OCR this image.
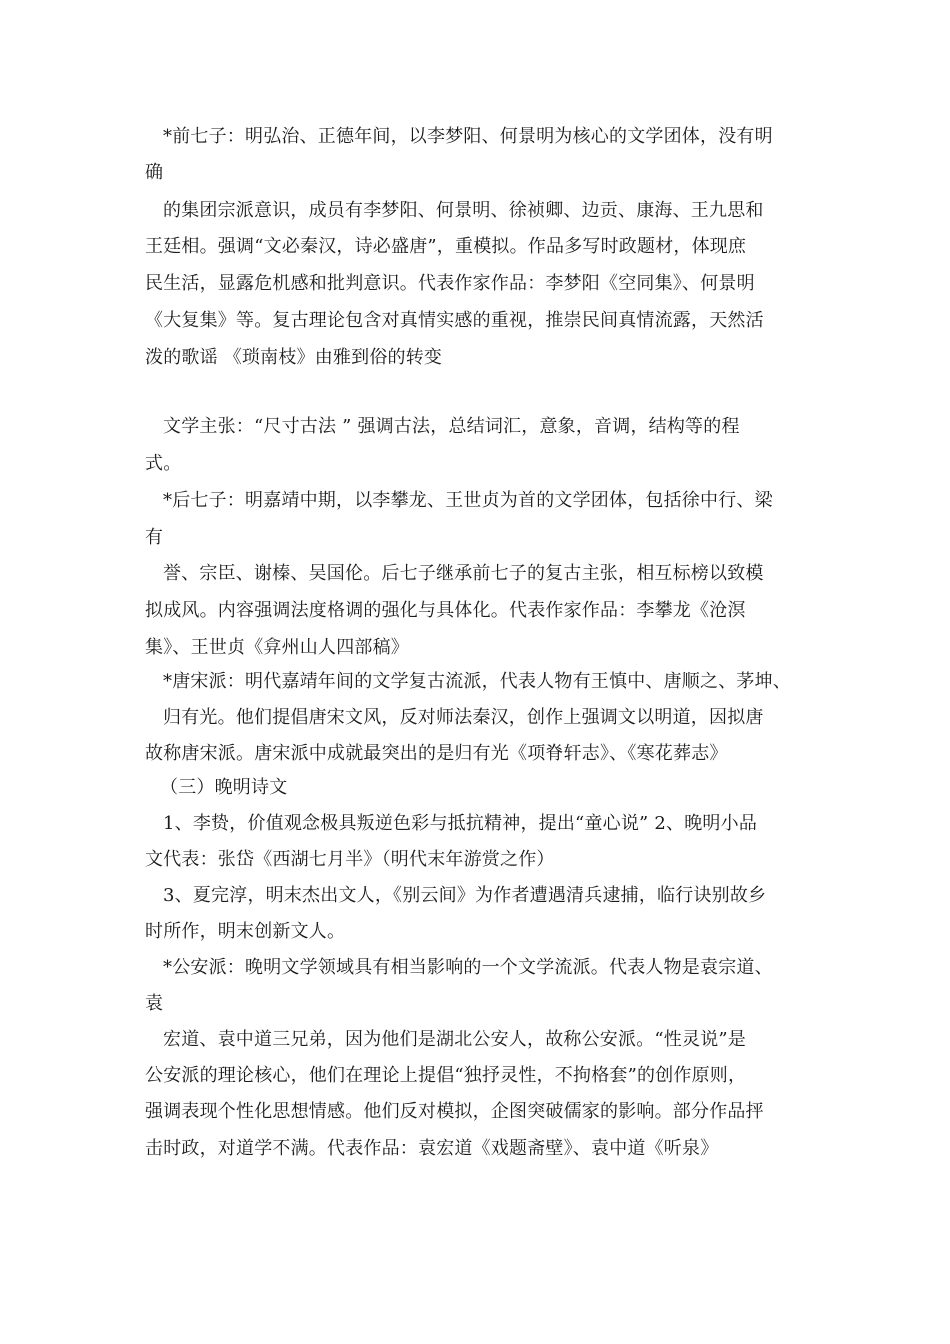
*前七子：明弘治、正德年间，以李梦阳、何景明为核心的文学团体，没有明
确
的集团宗派意识，成员有李梦阳、何景明、徐祯卿、边贡、康海、王九思和
王廷相。强调“文必秦汉，诗必盛唐”，重模拟。作品多写时政题材，体现庶
民生活，显露危机感和批判意识。代表作家作品：李梦阳《空同集》、何景明
《大复集》等。复古理论包含对真情实感的重视，推崇民间真情流露，天然活
泼的歌谣 《琐南枝》由雅到俗的转变
文学主张：“尺寸古法 ” 强调古法，总结词汇，意象，音调，结构等的程
式。
*后七子：明嘉靖中期，以李攀龙、王世贞为首的文学团体，包括徐中行、梁
有
誉、宗臣、谢榛、吴国伦。后七子继承前七子的复古主张，相互标榜以致模
拟成风。内容强调法度格调的强化与具体化。代表作家作品：李攀龙《沧溟
集》、王世贞《弇州山人四部稿》
*唐宋派：明代嘉靖年间的文学复古流派，代表人物有王慎中、唐顺之、茅坤、
归有光。他们提倡唐宋文风，反对师法秦汉，创作上强调文以明道，因拟唐
故称唐宋派。唐宋派中成就最突出的是归有光《项脊轩志》、《寒花葬志》
（三）晚明诗文
1、李贽，价值观念极具叛逆色彩与抵抗精神，提出“童心说” 2、晚明小品
文代表：张岱《西湖七月半》（明代末年游赏之作）
3、夏完淳，明末杰出文人，《别云间》为作者遭遇清兵逮捕，临行诀别故乡
时所作，明末创新文人。
*公安派：晚明文学领域具有相当影响的一个文学流派。代表人物是袁宗道、
袁
宏道、袁中道三兄弟，因为他们是湖北公安人，故称公安派。“性灵说”是
公安派的理论核心，他们在理论上提倡“独抒灵性，不拘格套”的创作原则，
强调表现个性化思想情感。他们反对模拟，企图突破儒家的影响。部分作品抨
击时政，对道学不满。代表作品：袁宏道《戏题斋壁》、袁中道《听泉》
